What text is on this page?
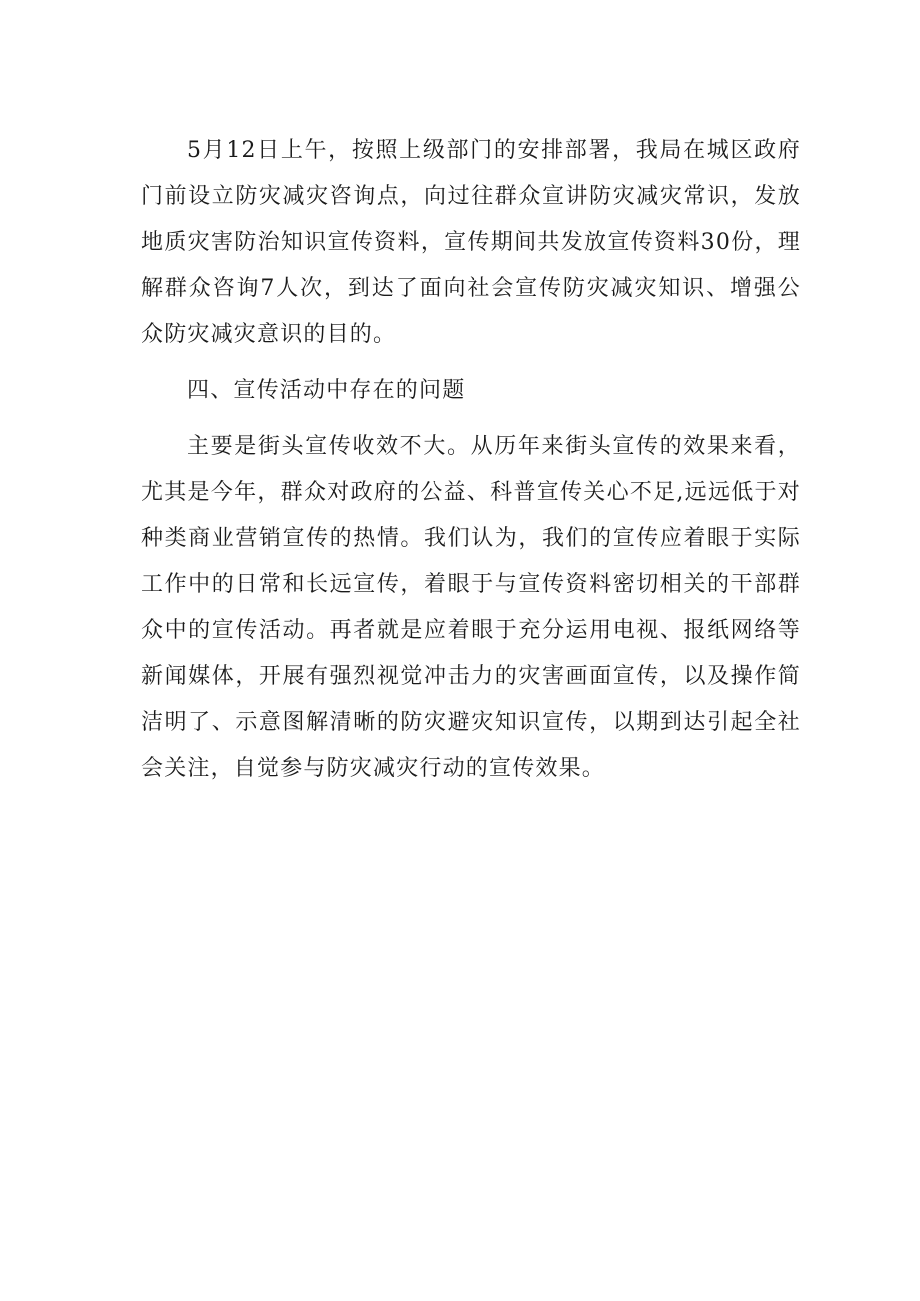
5月12日上午，按照上级部门的安排部署，我局在城区政府门前设立防灾减灾咨询点，向过往群众宣讲防灾减灾常识，发放地质灾害防治知识宣传资料，宣传期间共发放宣传资料30份，理解群众咨询7人次，到达了面向社会宣传防灾减灾知识、增强公众防灾减灾意识的目的。

四、宣传活动中存在的问题

主要是街头宣传收效不大。从历年来街头宣传的效果来看，尤其是今年，群众对政府的公益、科普宣传关心不足,远远低于对种类商业营销宣传的热情。我们认为，我们的宣传应着眼于实际工作中的日常和长远宣传，着眼于与宣传资料密切相关的干部群众中的宣传活动。再者就是应着眼于充分运用电视、报纸网络等新闻媒体，开展有强烈视觉冲击力的灾害画面宣传，以及操作简洁明了、示意图解清晰的防灾避灾知识宣传，以期到达引起全社会关注，自觉参与防灾减灾行动的宣传效果。
